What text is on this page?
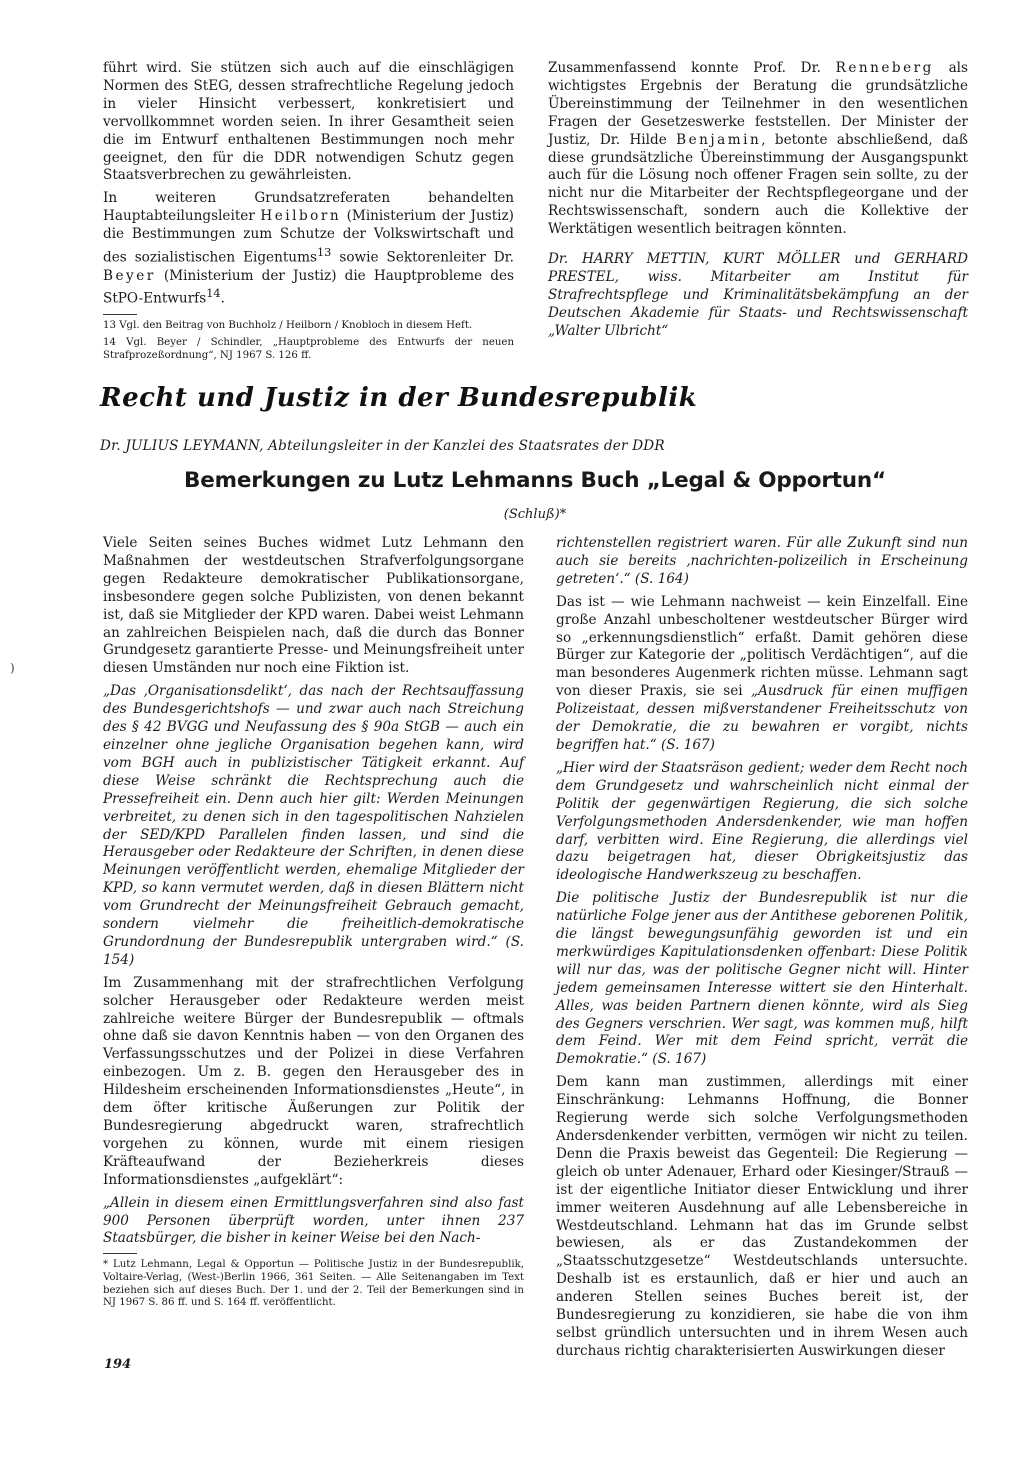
)

führt wird. Sie stützen sich auch auf die einschlägigen Normen des StEG, dessen strafrechtliche Regelung jedoch in vieler Hinsicht verbessert, konkretisiert und vervollkommnet worden seien. In ihrer Gesamtheit seien die im Entwurf enthaltenen Bestimmungen noch mehr geeignet, den für die DDR notwendigen Schutz gegen Staatsverbrechen zu gewährleisten.

In weiteren Grundsatzreferaten behandelten Hauptabteilungsleiter Heilborn (Ministerium der Justiz) die Bestimmungen zum Schutze der Volkswirtschaft und des sozialistischen Eigentums$^{13}$ sowie Sektorenleiter Dr. Beyer (Ministerium der Justiz) die Hauptprobleme des StPO-Entwurfs$^{14}$.

13 Vgl. den Beitrag von Buchholz / Heilborn / Knobloch in diesem Heft.

14 Vgl. Beyer / Schindler, „Hauptprobleme des Entwurfs der neuen Strafprozeßordnung“, NJ 1967 S. 126 ff.

Zusammenfassend konnte Prof. Dr. Renneberg als wichtigstes Ergebnis der Beratung die grundsätzliche Übereinstimmung der Teilnehmer in den wesentlichen Fragen der Gesetzeswerke feststellen. Der Minister der Justiz, Dr. Hilde Benjamin, betonte abschließend, daß diese grundsätzliche Übereinstimmung der Ausgangspunkt auch für die Lösung noch offener Fragen sein sollte, zu der nicht nur die Mitarbeiter der Rechtspflegeorgane und der Rechtswissenschaft, sondern auch die Kollektive der Werktätigen wesentlich beitragen könnten.

Dr. HARRY METTIN, KURT MÖLLER und GERHARD PRESTEL, wiss. Mitarbeiter am Institut für Strafrechtspflege und Kriminalitätsbekämpfung an der Deutschen Akademie für Staats- und Rechtswissenschaft „Walter Ulbricht“

Recht und Justiz in der Bundesrepublik
Dr. JULIUS LEYMANN, Abteilungsleiter in der Kanzlei des Staatsrates der DDR
Bemerkungen zu Lutz Lehmanns Buch „Legal & Opportun“
(Schluß)*

Viele Seiten seines Buches widmet Lutz Lehmann den Maßnahmen der westdeutschen Strafverfolgungsorgane gegen Redakteure demokratischer Publikationsorgane, insbesondere gegen solche Publizisten, von denen bekannt ist, daß sie Mitglieder der KPD waren. Dabei weist Lehmann an zahlreichen Beispielen nach, daß die durch das Bonner Grundgesetz garantierte Presse- und Meinungsfreiheit unter diesen Umständen nur noch eine Fiktion ist.

„Das ‚Organisationsdelikt‘, das nach der Rechtsauffassung des Bundesgerichtshofs — und zwar auch nach Streichung des § 42 BVGG und Neufassung des § 90a StGB — auch ein einzelner ohne jegliche Organisation begehen kann, wird vom BGH auch in publizistischer Tätigkeit erkannt. Auf diese Weise schränkt die Rechtsprechung auch die Pressefreiheit ein. Denn auch hier gilt: Werden Meinungen verbreitet, zu denen sich in den tagespolitischen Nahzielen der SED/KPD Parallelen finden lassen, und sind die Herausgeber oder Redakteure der Schriften, in denen diese Meinungen veröffentlicht werden, ehemalige Mitglieder der KPD, so kann vermutet werden, daß in diesen Blättern nicht vom Grundrecht der Meinungsfreiheit Gebrauch gemacht, sondern vielmehr die freiheitlich-demokratische Grundordnung der Bundesrepublik untergraben wird.“ (S. 154)

Im Zusammenhang mit der strafrechtlichen Verfolgung solcher Herausgeber oder Redakteure werden meist zahlreiche weitere Bürger der Bundesrepublik — oftmals ohne daß sie davon Kenntnis haben — von den Organen des Verfassungsschutzes und der Polizei in diese Verfahren einbezogen. Um z. B. gegen den Herausgeber des in Hildesheim erscheinenden Informationsdienstes „Heute“, in dem öfter kritische Äußerungen zur Politik der Bundesregierung abgedruckt waren, strafrechtlich vorgehen zu können, wurde mit einem riesigen Kräfteaufwand der Bezieherkreis dieses Informationsdienstes „aufgeklärt“:

„Allein in diesem einen Ermittlungsverfahren sind also fast 900 Personen überprüft worden, unter ihnen 237 Staatsbürger, die bisher in keiner Weise bei den Nach-

* Lutz Lehmann, Legal & Opportun — Politische Justiz in der Bundesrepublik, Voltaire-Verlag, (West-)Berlin 1966, 361 Seiten. — Alle Seitenangaben im Text beziehen sich auf dieses Buch. Der 1. und der 2. Teil der Bemerkungen sind in NJ 1967 S. 86 ff. und S. 164 ff. veröffentlicht.

richtenstellen registriert waren. Für alle Zukunft sind nun auch sie bereits ‚nachrichten-polizeilich in Erscheinung getreten‘.“ (S. 164)

Das ist — wie Lehmann nachweist — kein Einzelfall. Eine große Anzahl unbescholtener westdeutscher Bürger wird so „erkennungsdienstlich“ erfaßt. Damit gehören diese Bürger zur Kategorie der „politisch Verdächtigen“, auf die man besonderes Augenmerk richten müsse. Lehmann sagt von dieser Praxis, sie sei „Ausdruck für einen muffigen Polizeistaat, dessen mißverstandener Freiheitsschutz von der Demokratie, die zu bewahren er vorgibt, nichts begriffen hat.“ (S. 167)

„Hier wird der Staatsräson gedient; weder dem Recht noch dem Grundgesetz und wahrscheinlich nicht einmal der Politik der gegenwärtigen Regierung, die sich solche Verfolgungsmethoden Andersdenkender, wie man hoffen darf, verbitten wird. Eine Regierung, die allerdings viel dazu beigetragen hat, dieser Obrigkeitsjustiz das ideologische Handwerkszeug zu beschaffen.

Die politische Justiz der Bundesrepublik ist nur die natürliche Folge jener aus der Antithese geborenen Politik, die längst bewegungsunfähig geworden ist und ein merkwürdiges Kapitulationsdenken offenbart: Diese Politik will nur das, was der politische Gegner nicht will. Hinter jedem gemeinsamen Interesse wittert sie den Hinterhalt. Alles, was beiden Partnern dienen könnte, wird als Sieg des Gegners verschrien. Wer sagt, was kommen muß, hilft dem Feind. Wer mit dem Feind spricht, verrät die Demokratie.“ (S. 167)

Dem kann man zustimmen, allerdings mit einer Einschränkung: Lehmanns Hoffnung, die Bonner Regierung werde sich solche Verfolgungsmethoden Andersdenkender verbitten, vermögen wir nicht zu teilen. Denn die Praxis beweist das Gegenteil: Die Regierung — gleich ob unter Adenauer, Erhard oder Kiesinger/Strauß — ist der eigentliche Initiator dieser Entwicklung und ihrer immer weiteren Ausdehnung auf alle Lebensbereiche in Westdeutschland. Lehmann hat das im Grunde selbst bewiesen, als er das Zustandekommen der „Staatsschutzgesetze“ Westdeutschlands untersuchte. Deshalb ist es erstaunlich, daß er hier und auch an anderen Stellen seines Buches bereit ist, der Bundesregierung zu konzidieren, sie habe die von ihm selbst gründlich untersuchten und in ihrem Wesen auch durchaus richtig charakterisierten Auswirkungen dieser

194
